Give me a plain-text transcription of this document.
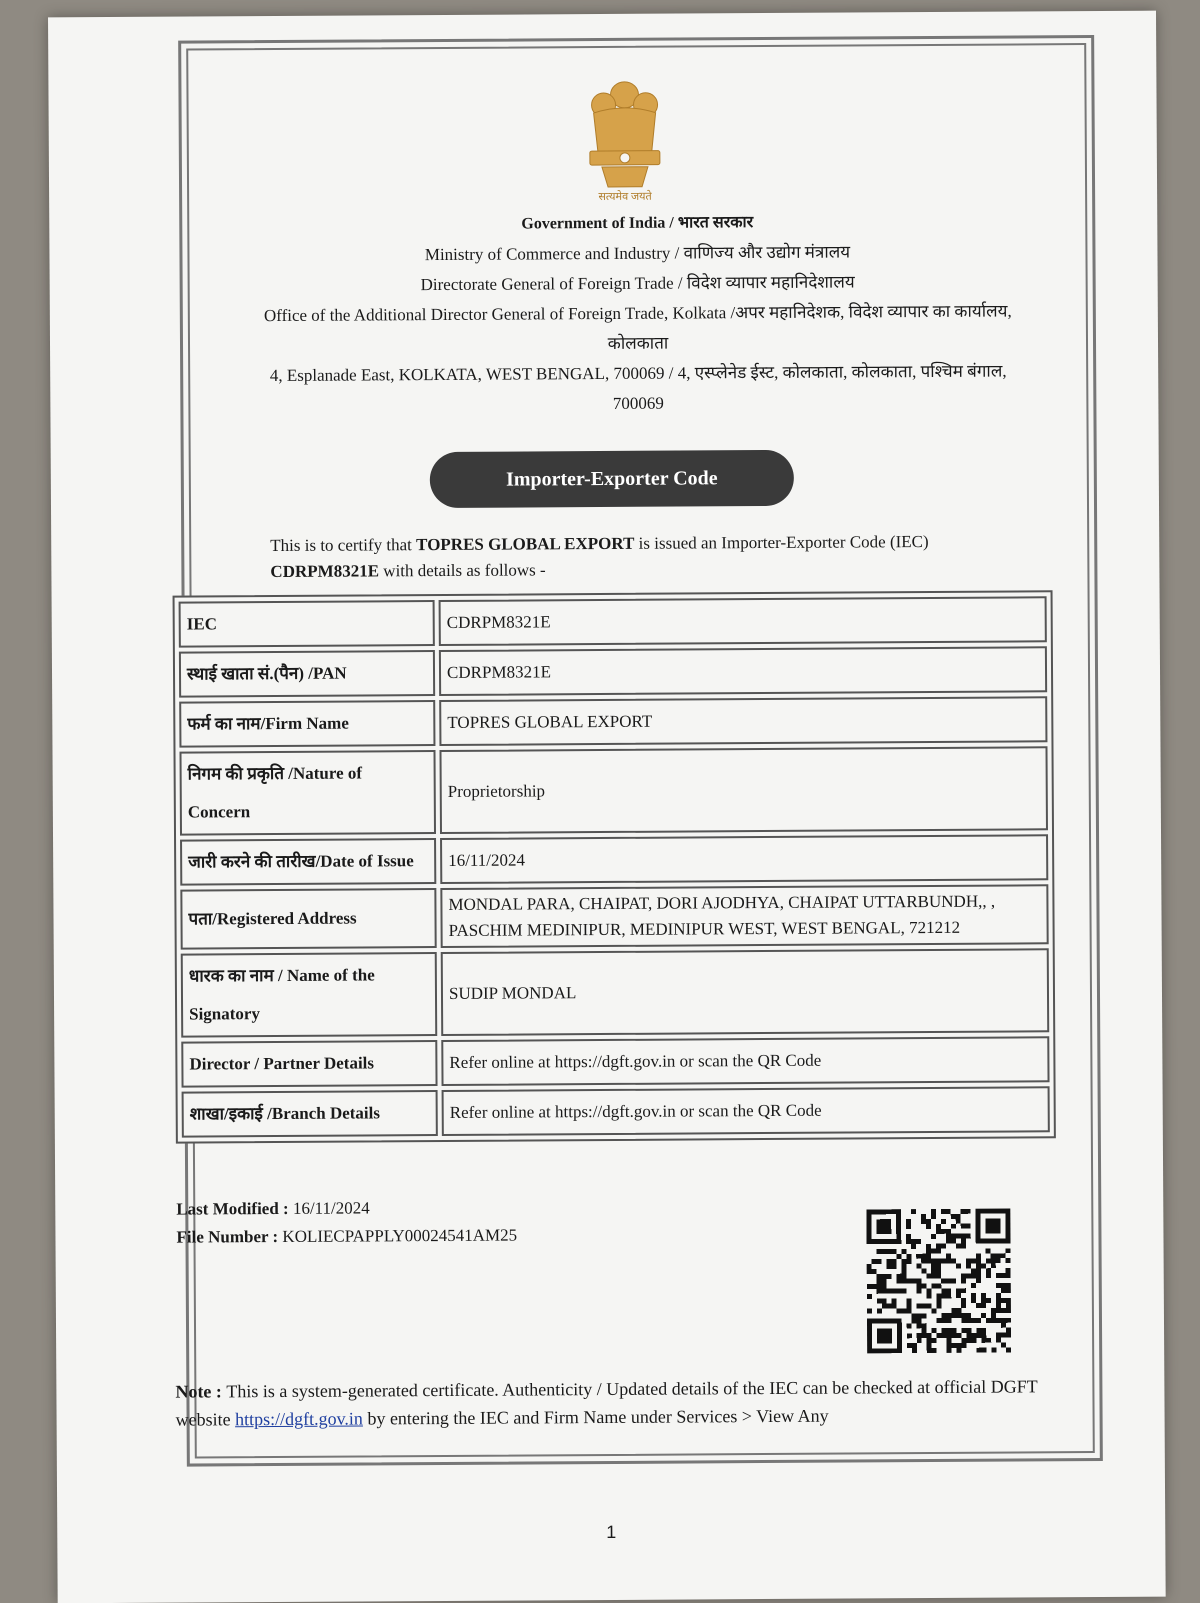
सत्यमेव जयते
Government of India / भारत सरकार
Ministry of Commerce and Industry / वाणिज्य और उद्योग मंत्रालय
Directorate General of Foreign Trade / विदेश व्यापार महानिदेशालय
Office of the Additional Director General of Foreign Trade, Kolkata /अपर महानिदेशक, विदेश व्यापार का कार्यालय,
कोलकाता
4, Esplanade East, KOLKATA, WEST BENGAL, 700069 / 4, एस्प्लेनेड ईस्ट, कोलकाता, कोलकाता, पश्चिम बंगाल,
700069
Importer-Exporter Code
This is to certify that TOPRES GLOBAL EXPORT is issued an Importer-Exporter Code (IEC) CDRPM8321E with details as follows -
IEC	CDRPM8321E
स्थाई खाता सं.(पैन) /PAN	CDRPM8321E
फर्म का नाम/Firm Name	TOPRES GLOBAL EXPORT
निगम की प्रकृति /Nature of Concern	Proprietorship
जारी करने की तारीख/Date of Issue	16/11/2024
पता/Registered Address	MONDAL PARA, CHAIPAT, DORI AJODHYA, CHAIPAT UTTARBUNDH,, , PASCHIM MEDINIPUR, MEDINIPUR WEST, WEST BENGAL, 721212
धारक का नाम / Name of the Signatory	SUDIP MONDAL
Director / Partner Details	Refer online at https://dgft.gov.in or scan the QR Code
शाखा/इकाई /Branch Details	Refer online at https://dgft.gov.in or scan the QR Code
Last Modified : 16/11/2024
File Number : KOLIECPAPPLY00024541AM25
Note : This is a system-generated certificate. Authenticity / Updated details of the IEC can be checked at official DGFT website https://dgft.gov.in by entering the IEC and Firm Name under Services > View Any
1
